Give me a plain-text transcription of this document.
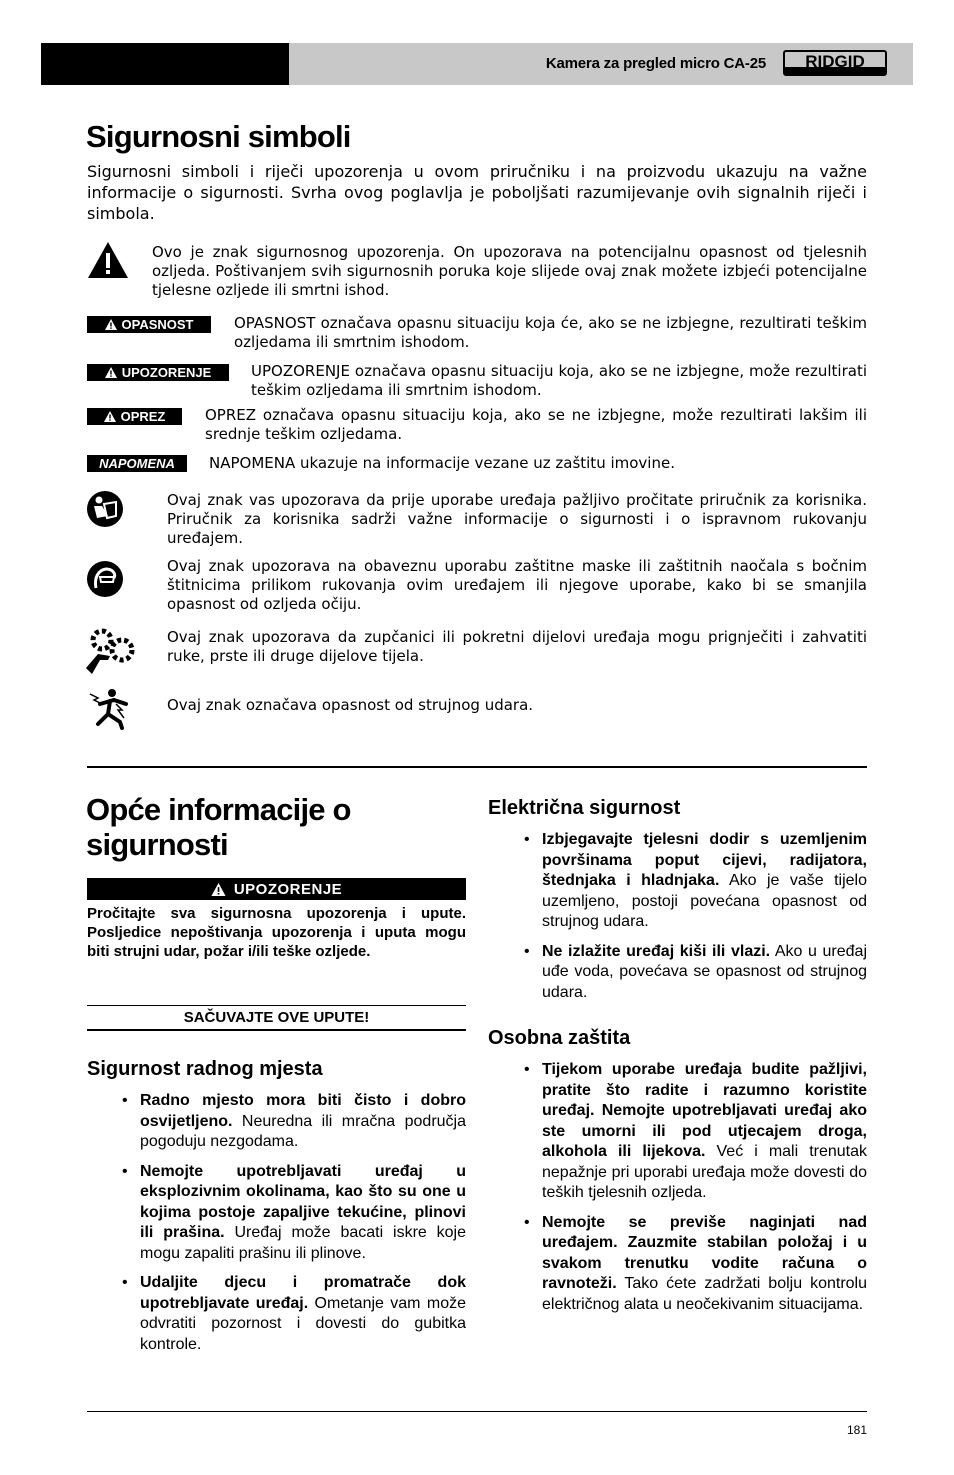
Kamera za pregled micro CA-25 RIDGID
Sigurnosni simboli
Sigurnosni simboli i riječi upozorenja u ovom priručniku i na proizvodu ukazuju na važne informacije o sigurnosti. Svrha ovog poglavlja je poboljšati razumijevanje ovih signalnih riječi i simbola.
Ovo je znak sigurnosnog upozorenja. On upozorava na potencijalnu opasnost od tjelesnih ozljeda. Poštivanjem svih sigurnosnih poruka koje slijede ovaj znak možete izbjeći potencijalne tjelesne ozljede ili smrtni ishod.
OPASNOST	OPASNOST označava opasnu situaciju koja će, ako se ne izbjegne, rezultirati teškim ozljedama ili smrtnim ishodom.
UPOZORENJE	UPOZORENJE označava opasnu situaciju koja, ako se ne izbjegne, može rezultirati teškim ozljedama ili smrtnim ishodom.
OPREZ	OPREZ označava opasnu situaciju koja, ako se ne izbjegne, može rezultirati lakšim ili srednje teškim ozljedama.
NAPOMENA NAPOMENA ukazuje na informacije vezane uz zaštitu imovine.
Ovaj znak vas upozorava da prije uporabe uređaja pažljivo pročitate priručnik za korisnika. Priručnik za korisnika sadrži važne informacije o sigurnosti i o ispravnom rukovanju uređajem.
Ovaj znak upozorava na obaveznu uporabu zaštitne maske ili zaštitnih naočala s bočnim štitnicima prilikom rukovanja ovim uređajem ili njegove uporabe, kako bi se smanjila opasnost od ozljeda očiju.
Ovaj znak upozorava da zupčanici ili pokretni dijelovi uređaja mogu prignječiti i zahvatiti ruke, prste ili druge dijelove tijela.
Ovaj znak označava opasnost od strujnog udara.
Opće informacije o sigurnosti
UPOZORENJE
Pročitajte sva sigurnosna upozorenja i upute. Posljedice nepoštivanja upozorenja i uputa mogu biti strujni udar, požar i/ili teške ozljede.
SAČUVAJTE OVE UPUTE!
Sigurnost radnog mjesta
• Radno mjesto mora biti čisto i dobro osvijetljeno. Neuredna ili mračna područja pogoduju nezgodama.
• Nemojte upotrebljavati uređaj u eksplozivnim okolinama, kao što su one u kojima postoje zapaljive tekućine, plinovi ili prašina. Uređaj može bacati iskre koje mogu zapaliti prašinu ili plinove.
• Udaljite djecu i promatrače dok upotrebljavate uređaj. Ometanje vam može odvratiti pozornost i dovesti do gubitka kontrole.
Električna sigurnost
• Izbjegavajte tjelesni dodir s uzemljenim površinama poput cijevi, radijatora, štednjaka i hladnjaka. Ako je vaše tijelo uzemljeno, postoji povećana opasnost od strujnog udara.
• Ne izlažite uređaj kiši ili vlazi. Ako u uređaj uđe voda, povećava se opasnost od strujnog udara.
Osobna zaštita
• Tijekom uporabe uređaja budite pažljivi, pratite što radite i razumno koristite uređaj. Nemojte upotrebljavati uređaj ako ste umorni ili pod utjecajem droga, alkohola ili lijekova. Već i mali trenutak nepažnje pri uporabi uređaja može dovesti do teških tjelesnih ozljeda.
• Nemojte se previše naginjati nad uređajem. Zauzmite stabilan položaj i u svakom trenutku vodite računa o ravnoteži. Tako ćete zadržati bolju kontrolu električnog alata u neočekivanim situacijama.
181
